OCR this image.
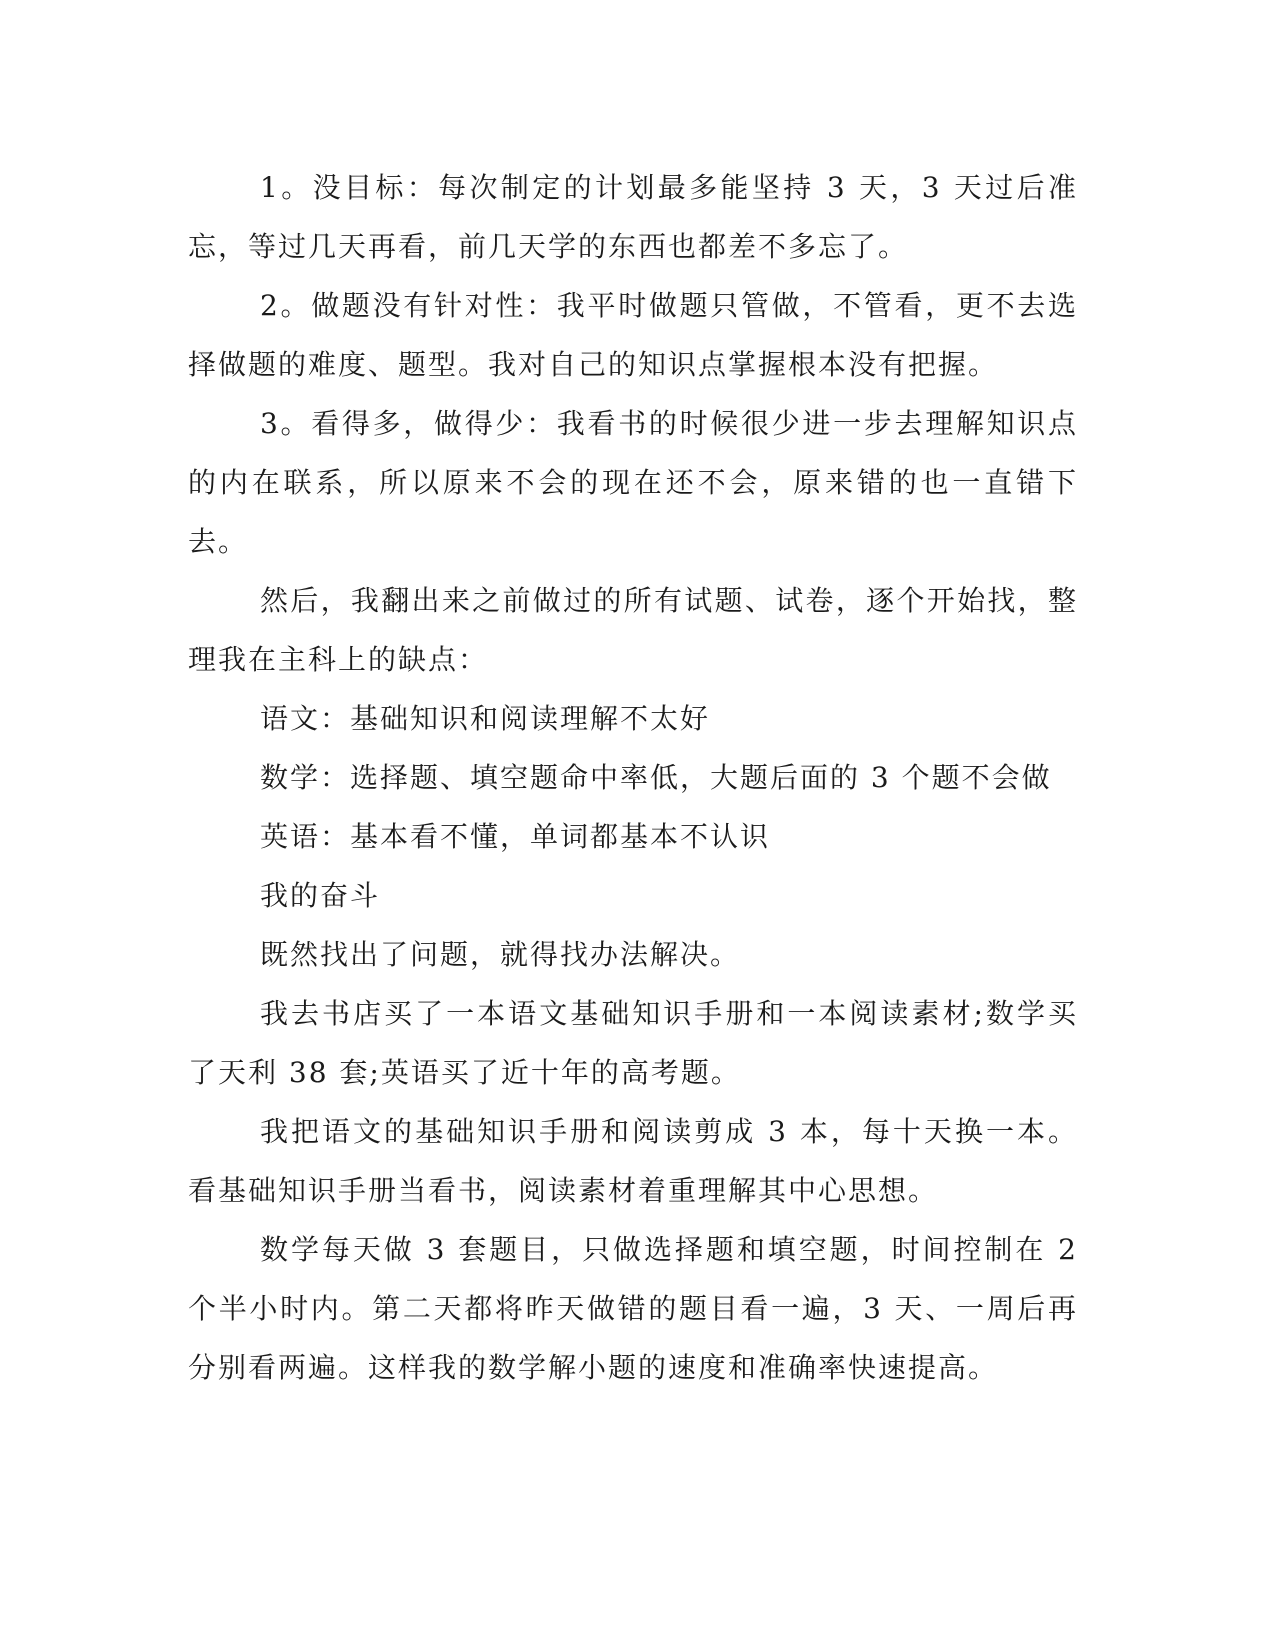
1。没目标：每次制定的计划最多能坚持 3 天，3 天过后准忘，等过几天再看，前几天学的东西也都差不多忘了。

2。做题没有针对性：我平时做题只管做，不管看，更不去选择做题的难度、题型。我对自己的知识点掌握根本没有把握。

3。看得多，做得少：我看书的时候很少进一步去理解知识点的内在联系，所以原来不会的现在还不会，原来错的也一直错下去。

然后，我翻出来之前做过的所有试题、试卷，逐个开始找，整理我在主科上的缺点：

语文：基础知识和阅读理解不太好

数学：选择题、填空题命中率低，大题后面的 3 个题不会做

英语：基本看不懂，单词都基本不认识

我的奋斗

既然找出了问题，就得找办法解决。

我去书店买了一本语文基础知识手册和一本阅读素材;数学买了天利 38 套;英语买了近十年的高考题。

我把语文的基础知识手册和阅读剪成 3 本，每十天换一本。看基础知识手册当看书，阅读素材着重理解其中心思想。

数学每天做 3 套题目，只做选择题和填空题，时间控制在 2 个半小时内。第二天都将昨天做错的题目看一遍，3 天、一周后再分别看两遍。这样我的数学解小题的速度和准确率快速提高。
